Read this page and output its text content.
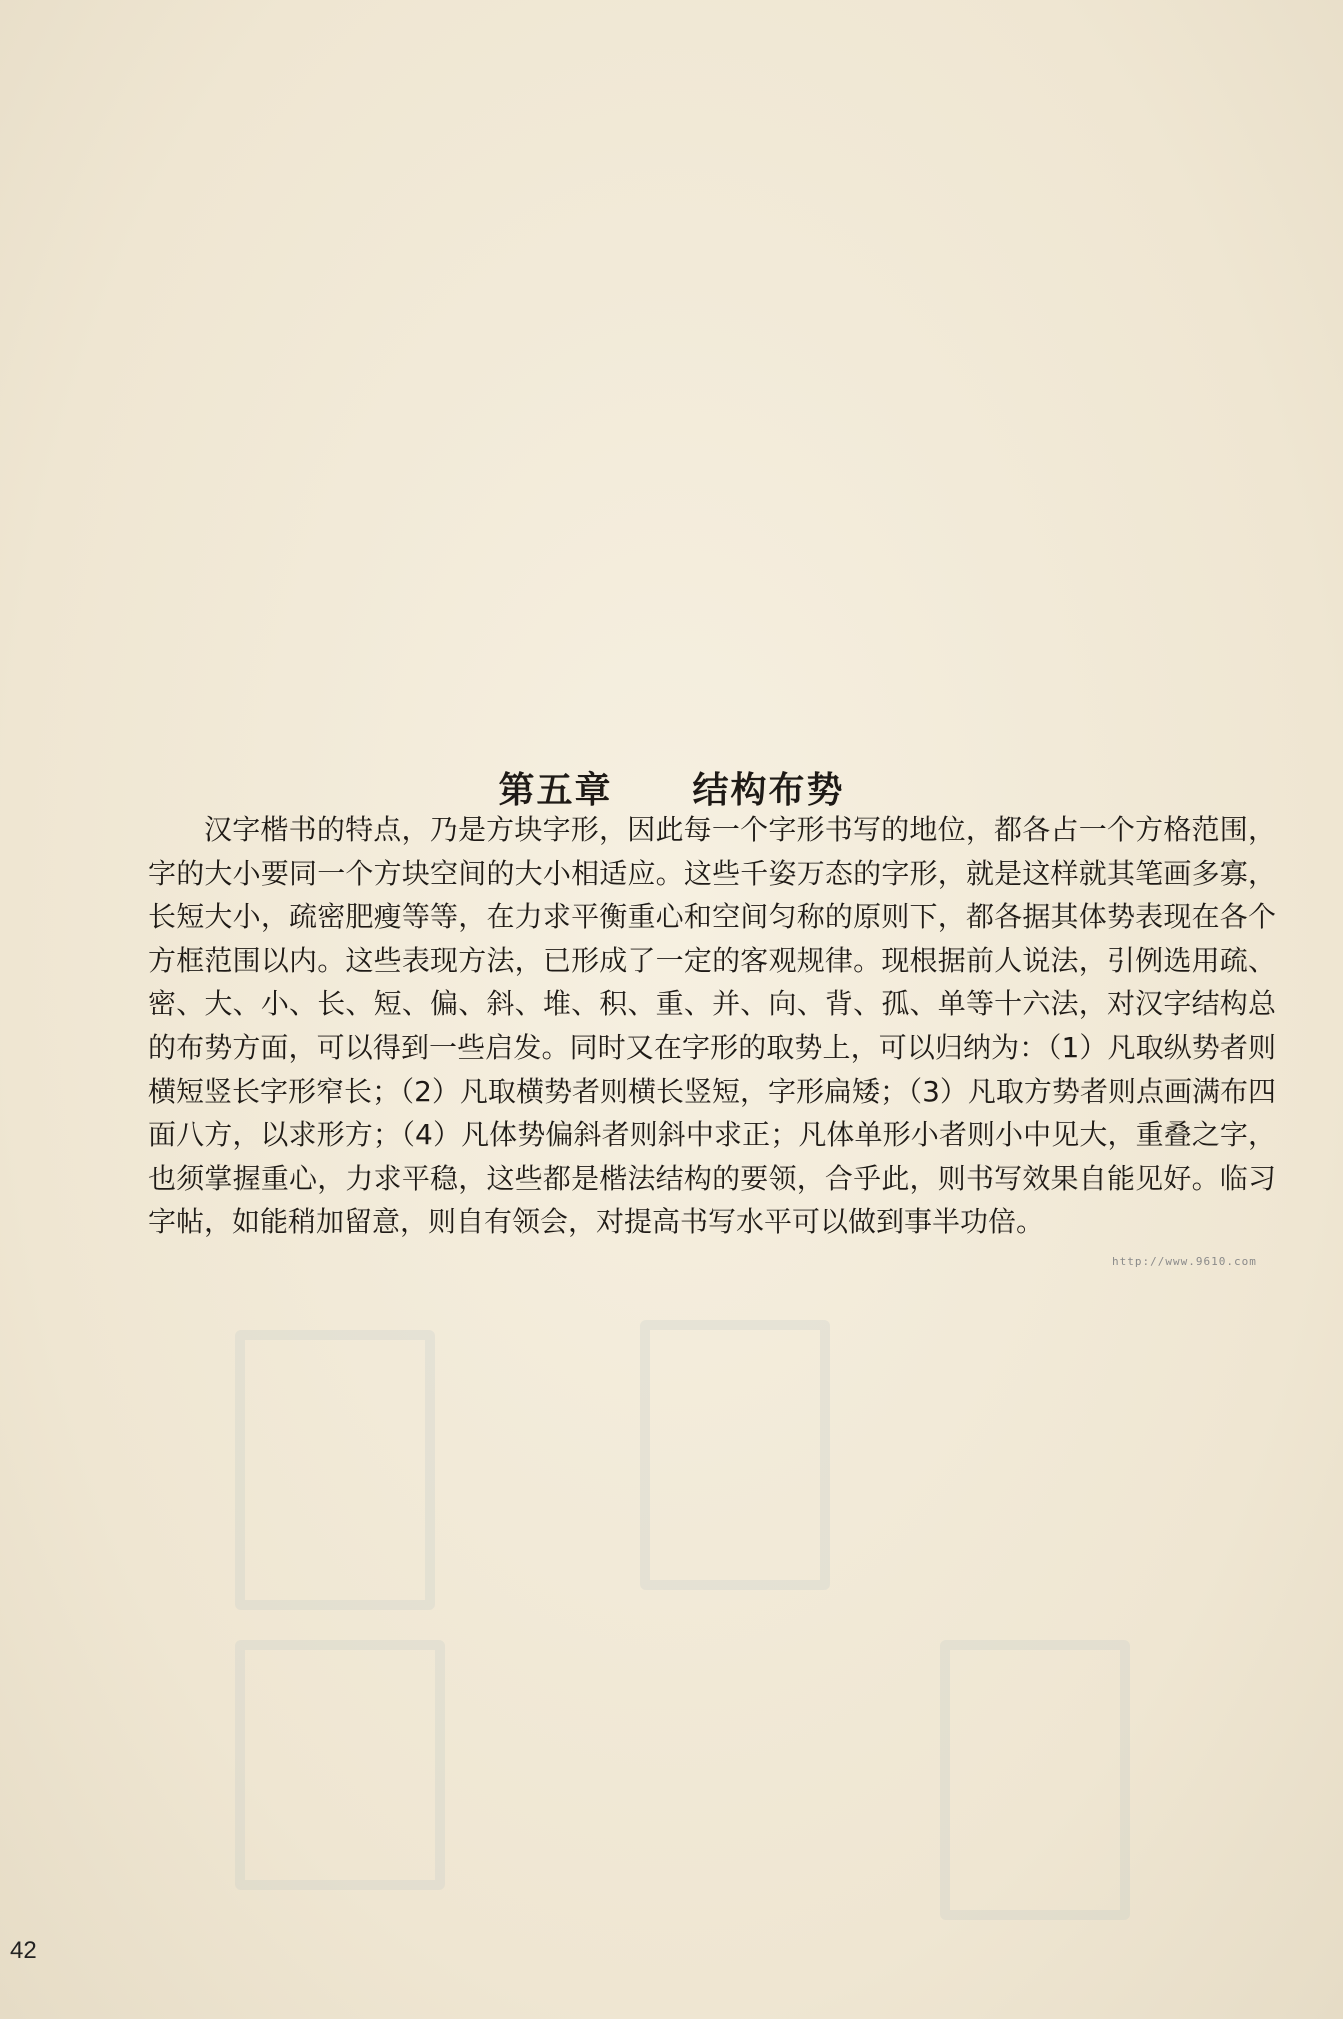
第五章 结构布势

汉字楷书的特点，乃是方块字形，因此每一个字形书写的地位，都各占一个方格范围，字的大小要同一个方块空间的大小相适应。这些千姿万态的字形，就是这样就其笔画多寡，长短大小，疏密肥瘦等等，在力求平衡重心和空间匀称的原则下，都各据其体势表现在各个方框范围以内。这些表现方法，已形成了一定的客观规律。现根据前人说法，引例选用疏、密、大、小、长、短、偏、斜、堆、积、重、并、向、背、孤、单等十六法，对汉字结构总的布势方面，可以得到一些启发。同时又在字形的取势上，可以归纳为：（1）凡取纵势者则横短竖长字形窄长；（2）凡取横势者则横长竖短，字形扁矮；（3）凡取方势者则点画满布四面八方，以求形方；（4）凡体势偏斜者则斜中求正；凡体单形小者则小中见大，重叠之字，也须掌握重心，力求平稳，这些都是楷法结构的要领，合乎此，则书写效果自能见好。临习字帖，如能稍加留意，则自有领会，对提高书写水平可以做到事半功倍。

http://www.9610.com
42
